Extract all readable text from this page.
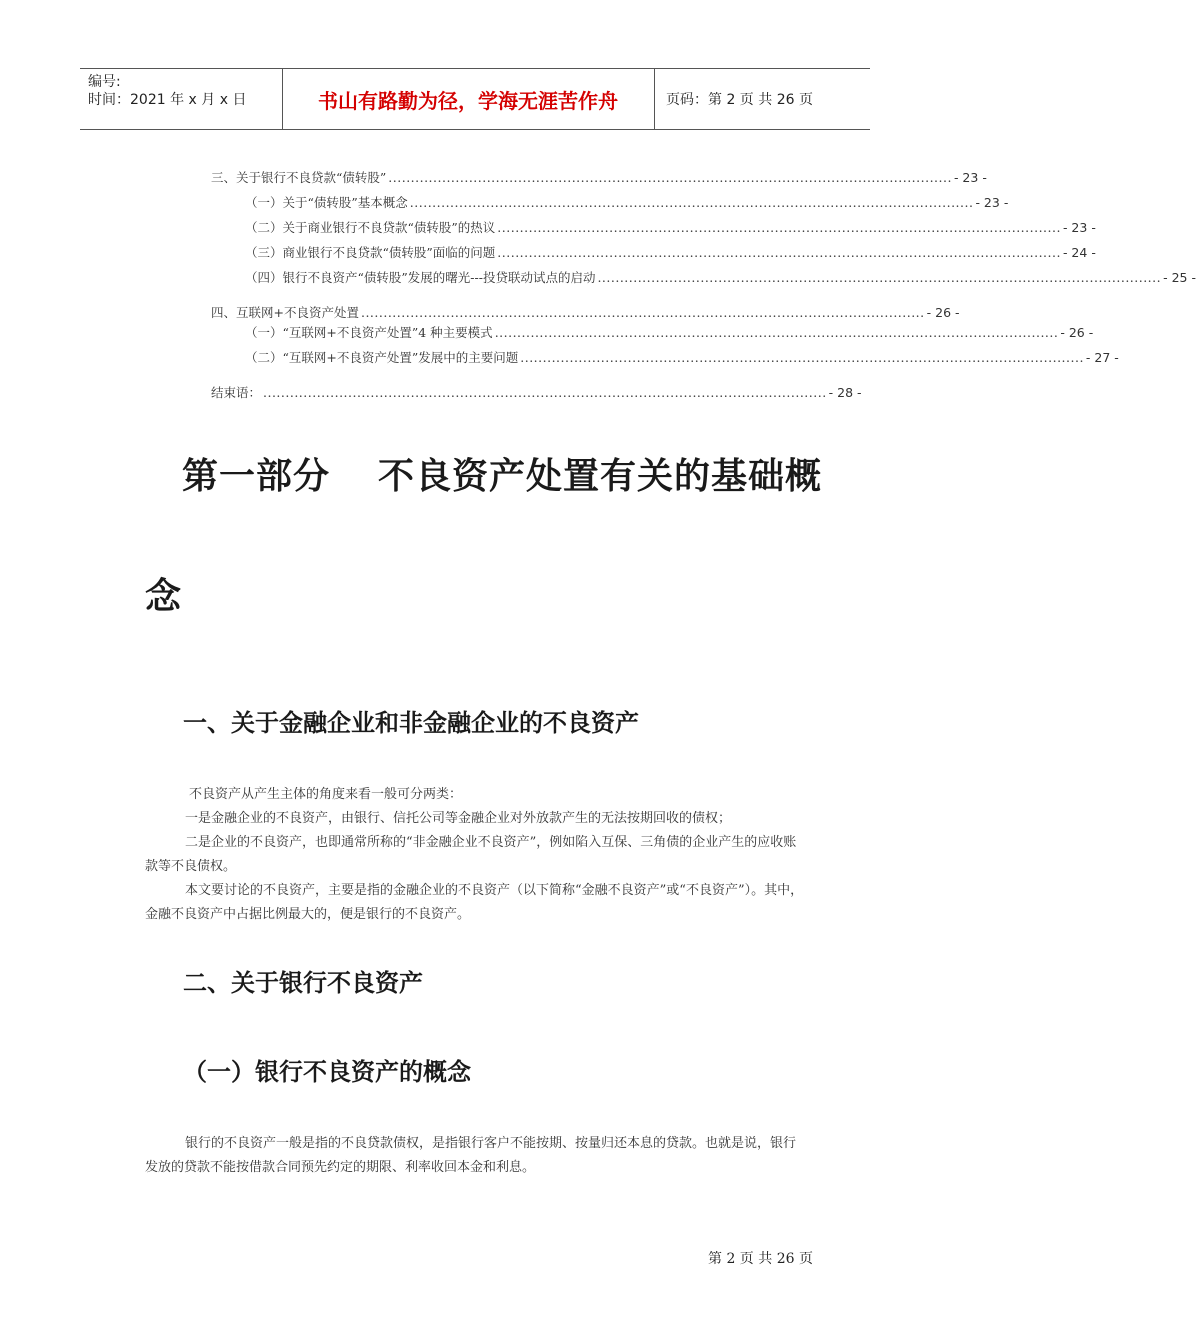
编号:
时间：2021 年 x 月 x 日	书山有路勤为径，学海无涯苦作舟	页码：第 2 页 共 26 页
三、关于银行不良贷款“债转股” .............................................................................................................................. - 23 -
（一）关于“债转股”基本概念 .............................................................................................................................. - 23 -
（二）关于商业银行不良贷款“债转股”的热议 .............................................................................................................................. - 23 -
（三）商业银行不良贷款“债转股”面临的问题 .............................................................................................................................. - 24 -
（四）银行不良资产“债转股”发展的曙光---投贷联动试点的启动 .............................................................................................................................. - 25 -
四、互联网+不良资产处置 .............................................................................................................................. - 26 -
（一）“互联网+不良资产处置”4 种主要模式 .............................................................................................................................. - 26 -
（二）“互联网+不良资产处置”发展中的主要问题 .............................................................................................................................. - 27 -
结束语： .............................................................................................................................. - 28 -
第一部分 不良资产处置有关的基础概
念
一、关于金融企业和非金融企业的不良资产

不良资产从产生主体的角度来看一般可分两类：

一是金融企业的不良资产，由银行、信托公司等金融企业对外放款产生的无法按期回收的债权；

二是企业的不良资产，也即通常所称的“非金融企业不良资产”，例如陷入互保、三角债的企业产生的应收账款等不良债权。

本文要讨论的不良资产，主要是指的金融企业的不良资产（以下简称“金融不良资产”或“不良资产”）。其中，金融不良资产中占据比例最大的，便是银行的不良资产。

二、关于银行不良资产
（一）银行不良资产的概念

银行的不良资产一般是指的不良贷款债权，是指银行客户不能按期、按量归还本息的贷款。也就是说，银行发放的贷款不能按借款合同预先约定的期限、利率收回本金和利息。

第 2 页 共 26 页
